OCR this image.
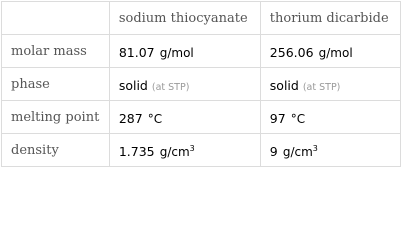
	sodium thiocyanate	thorium dicarbide
molar mass	81.07 g/mol	256.06 g/mol
phase	solid (at STP)	solid (at STP)
melting point	287 °C	97 °C
density	1.735 $g/cm^3$	9 $g/cm^3$
